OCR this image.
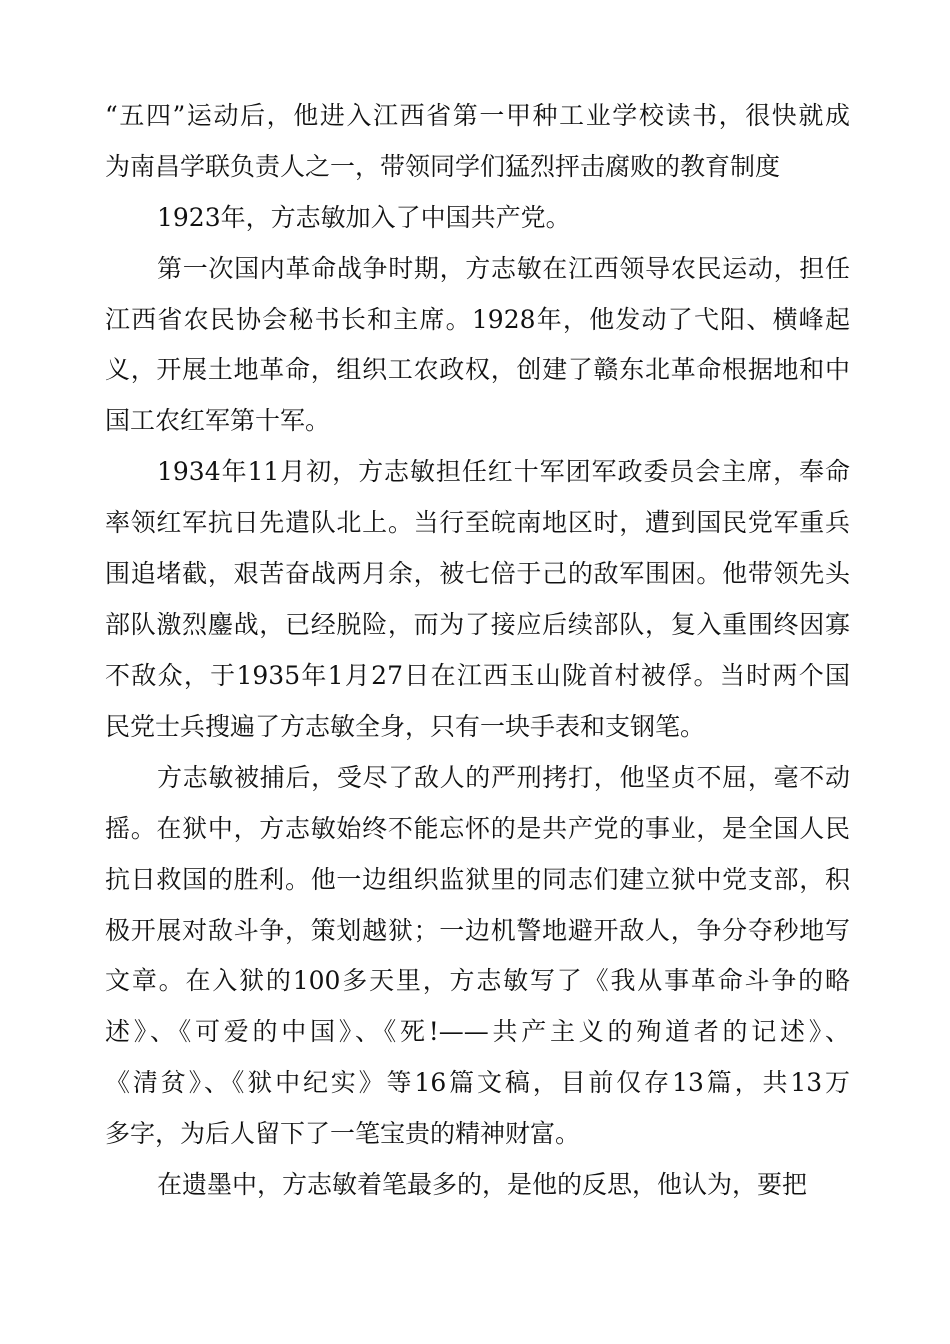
“五四”运动后，他进入江西省第一甲种工业学校读书，很快就成
为南昌学联负责人之一，带领同学们猛烈抨击腐败的教育制度
1923年，方志敏加入了中国共产党。
第一次国内革命战争时期，方志敏在江西领导农民运动，担任
江西省农民协会秘书长和主席。1928年，他发动了弋阳、横峰起
义，开展土地革命，组织工农政权，创建了赣东北革命根据地和中
国工农红军第十军。
1934年11月初，方志敏担任红十军团军政委员会主席，奉命
率领红军抗日先遣队北上。当行至皖南地区时，遭到国民党军重兵
围追堵截，艰苦奋战两月余，被七倍于己的敌军围困。他带领先头
部队激烈鏖战，已经脱险，而为了接应后续部队，复入重围终因寡
不敌众，于1935年1月27日在江西玉山陇首村被俘。当时两个国
民党士兵搜遍了方志敏全身，只有一块手表和支钢笔。
方志敏被捕后，受尽了敌人的严刑拷打，他坚贞不屈，毫不动
摇。在狱中，方志敏始终不能忘怀的是共产党的事业，是全国人民
抗日救国的胜利。他一边组织监狱里的同志们建立狱中党支部，积
极开展对敌斗争，策划越狱；一边机警地避开敌人，争分夺秒地写
文章。在入狱的100多天里，方志敏写了《我从事革命斗争的略
述》、《可爱的中国》、《死!——共产主义的殉道者的记述》、
《清贫》、《狱中纪实》等16篇文稿，目前仅存13篇，共13万
多字，为后人留下了一笔宝贵的精神财富。
在遗墨中，方志敏着笔最多的，是他的反思，他认为，要把
